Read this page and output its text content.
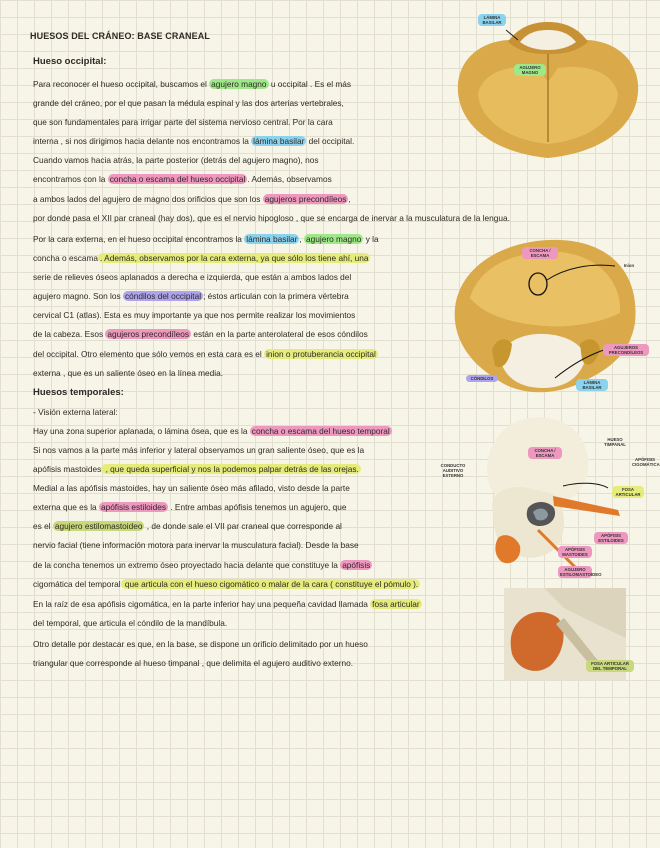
HUESOS DEL CRÁNEO: BASE CRANEAL
Hueso occipital:
Para reconocer el hueso occipital, buscamos el agujero magno u occipital . Es el más
grande del cráneo, por el que pasan la médula espinal y las dos arterias vertebrales,
que son fundamentales para irrigar parte del sistema nervioso central. Por la cara
interna , si nos dirigimos hacia delante nos encontramos la lámina basilar del occipital.
Cuando vamos hacia atrás, la parte posterior (detrás del agujero magno), nos
encontramos con la concha o escama del hueso occipital . Además, observamos
a ambos lados del agujero de magno dos orificios que son los agujeros precondíleos ,
por donde pasa el XII par craneal (hay dos), que es el nervio hipogloso , que se encarga de inervar a la musculatura de la lengua.
Por la cara externa, en el hueso occipital encontramos la lámina basilar , agujero magno y la
concha o escama . Además, observamos por la cara externa, ya que sólo los tiene ahí, una
serie de relieves óseos aplanados a derecha e izquierda, que están a ambos lados del
agujero magno. Son los cóndilos del occipital ; éstos articulan con la primera vértebra
cervical C1 (atlas). Esta es muy importante ya que nos permite realizar los movimientos
de la cabeza. Esos agujeros precondíleos están en la parte anterolateral de esos cóndilos
del occipital. Otro elemento que sólo vemos en esta cara es el inion o protuberancia occipital
externa , que es un saliente óseo en la línea media.
Huesos temporales:
- Visión externa lateral:
Hay una zona superior aplanada, o lámina ósea, que es la concha o escama del hueso temporal
Si nos vamos a la parte más inferior y lateral observamos un gran saliente óseo, que es la
apófisis mastoides , que queda superficial y nos la podemos palpar detrás de las orejas.
Medial a las apófisis mastoides, hay un saliente óseo más afilado, visto desde la parte
externa que es la apófisis estiloides . Entre ambas apófisis tenemos un agujero, que
es el agujero estilomastoideo , de donde sale el VII par craneal que corresponde al
nervio facial (tiene información motora para inervar la musculatura facial). Desde la base
de la concha tenemos un extremo óseo proyectado hacia delante que constituye la apófisis
cigomática del temporal que articula con el hueso cigomático o malar de la cara ( constituye el pómulo ).
En la raíz de esa apófisis cigomática, en la parte inferior hay una pequeña cavidad llamada fosa articular
del temporal, que articula el cóndilo de la mandíbula.
Otro detalle por destacar es que, en la base, se dispone un orificio delimitado por un hueso
triangular que corresponde al hueso timpanal , que delimita el agujero auditivo externo.
LÁMINA BASILAR
AGUJERO MAGNO
CONCHA / ESCAMA
Inion
AGUJEROS PRECONDÍLEOS
CÓNDILOS
LÁMINA BASILAR
CONCHA / ESCAMA
CONDUCTO AUDITIVO EXTERNO
HUESO TIMPANAL
APÓFISIS CIGOMÁTICA
FOSA ARTICULAR
APÓFISIS ESTILOIDES
APÓFISIS MASTOIDES
AGUJERO ESTILOMASTOIDEO
FOSA ARTICULAR DEL TEMPORAL
